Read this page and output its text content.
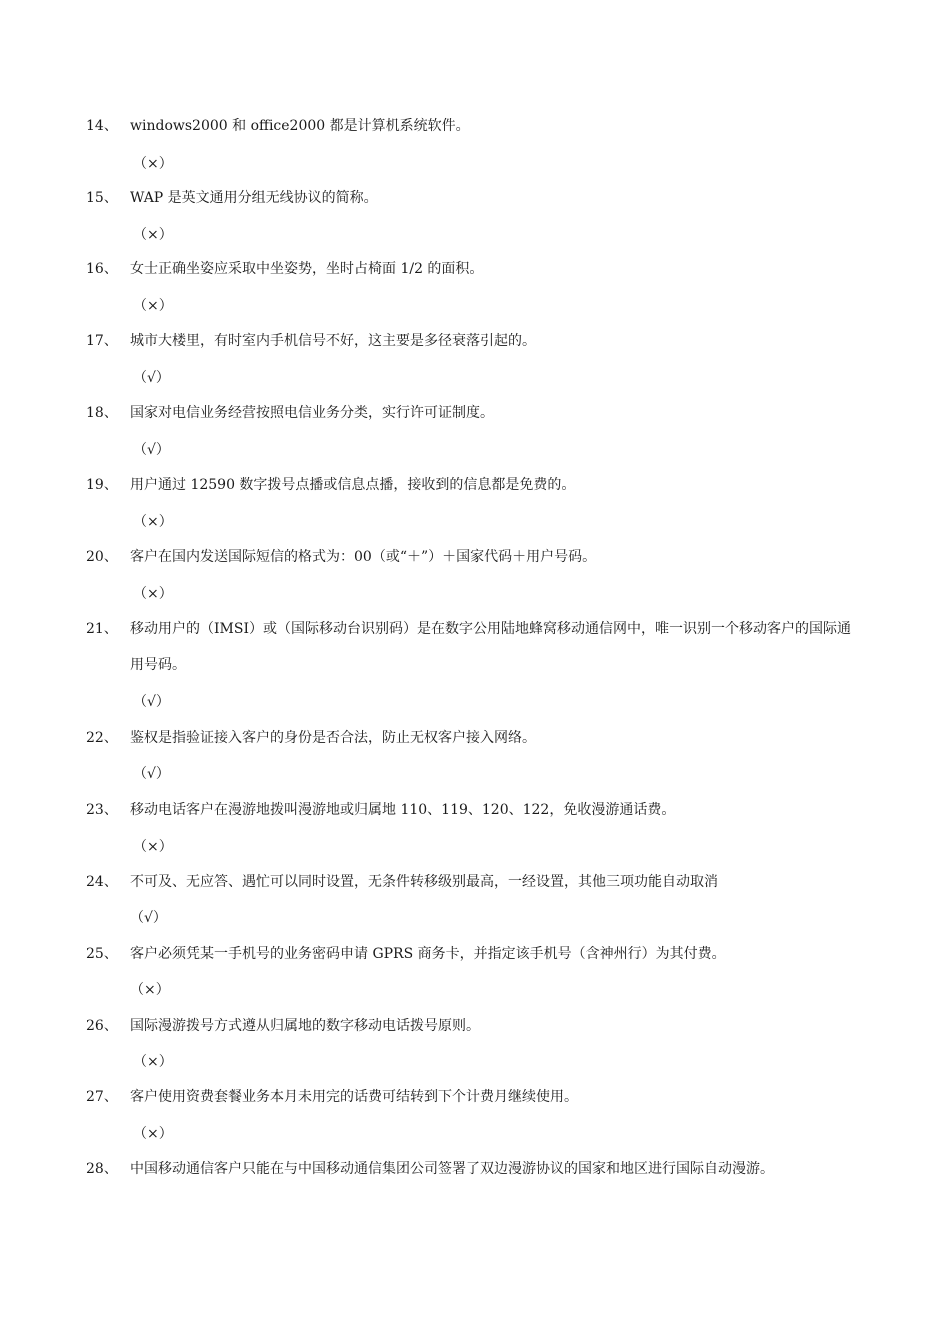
14、 windows2000 和 office2000 都是计算机系统软件。
（×）
15、 WAP 是英文通用分组无线协议的简称。
（×）
16、 女士正确坐姿应采取中坐姿势，坐时占椅面 1/2 的面积。
（×）
17、 城市大楼里，有时室内手机信号不好，这主要是多径衰落引起的。
（√）
18、 国家对电信业务经营按照电信业务分类，实行许可证制度。
（√）
19、 用户通过 12590 数字拨号点播或信息点播，接收到的信息都是免费的。
（×）
20、 客户在国内发送国际短信的格式为：00（或“＋”）＋国家代码＋用户号码。
（×）
21、 移动用户的（IMSI）或（国际移动台识别码）是在数字公用陆地蜂窝移动通信网中，唯一识别一个移动客户的国际通用号码。
（√）
22、 鉴权是指验证接入客户的身份是否合法，防止无权客户接入网络。
（√）
23、 移动电话客户在漫游地拨叫漫游地或归属地 110、119、120、122，免收漫游通话费。
（×）
24、 不可及、无应答、遇忙可以同时设置，无条件转移级别最高，一经设置，其他三项功能自动取消
（√）
25、 客户必须凭某一手机号的业务密码申请 GPRS 商务卡，并指定该手机号（含神州行）为其付费。
（×）
26、 国际漫游拨号方式遵从归属地的数字移动电话拨号原则。
（×）
27、 客户使用资费套餐业务本月未用完的话费可结转到下个计费月继续使用。
（×）
28、 中国移动通信客户只能在与中国移动通信集团公司签署了双边漫游协议的国家和地区进行国际自动漫游。
